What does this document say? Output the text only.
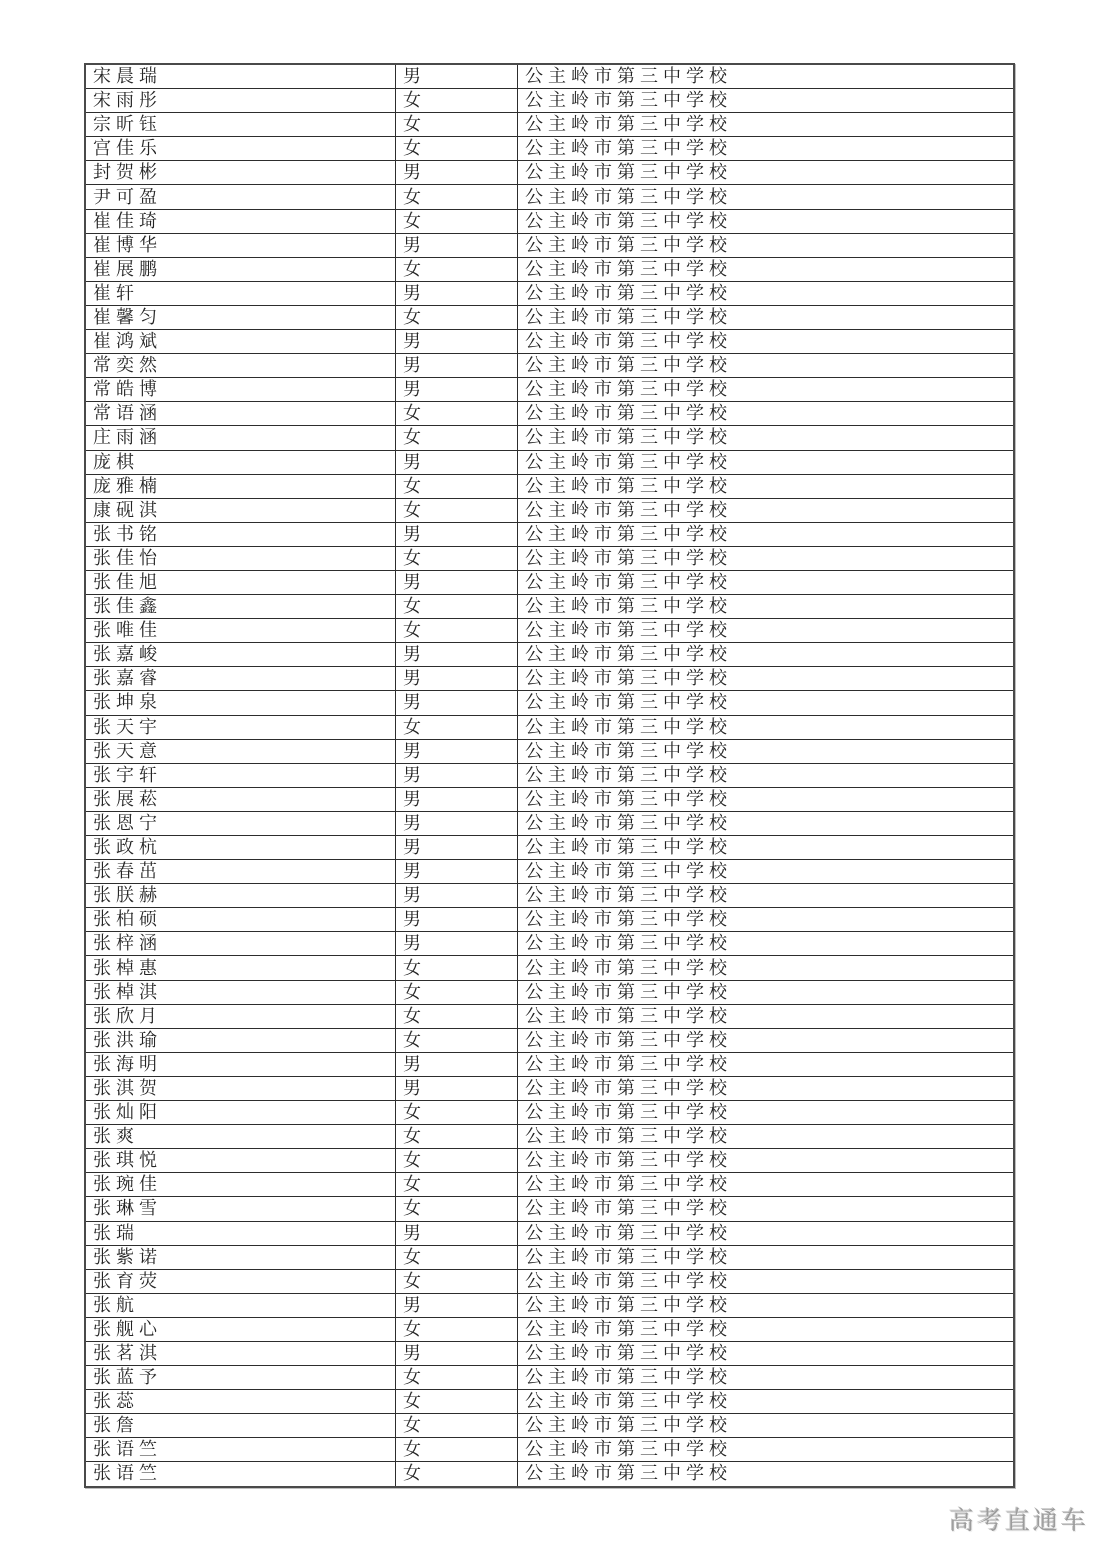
宋晨瑞	男	公主岭市第三中学校
宋雨彤	女	公主岭市第三中学校
宗昕钰	女	公主岭市第三中学校
宫佳乐	女	公主岭市第三中学校
封贺彬	男	公主岭市第三中学校
尹可盈	女	公主岭市第三中学校
崔佳琦	女	公主岭市第三中学校
崔博华	男	公主岭市第三中学校
崔展鹏	女	公主岭市第三中学校
崔轩	男	公主岭市第三中学校
崔馨匀	女	公主岭市第三中学校
崔鸿斌	男	公主岭市第三中学校
常奕然	男	公主岭市第三中学校
常皓博	男	公主岭市第三中学校
常语涵	女	公主岭市第三中学校
庄雨涵	女	公主岭市第三中学校
庞棋	男	公主岭市第三中学校
庞雅楠	女	公主岭市第三中学校
康砚淇	女	公主岭市第三中学校
张书铭	男	公主岭市第三中学校
张佳怡	女	公主岭市第三中学校
张佳旭	男	公主岭市第三中学校
张佳鑫	女	公主岭市第三中学校
张唯佳	女	公主岭市第三中学校
张嘉峻	男	公主岭市第三中学校
张嘉睿	男	公主岭市第三中学校
张坤泉	男	公主岭市第三中学校
张天宇	女	公主岭市第三中学校
张天意	男	公主岭市第三中学校
张宇轩	男	公主岭市第三中学校
张展菘	男	公主岭市第三中学校
张恩宁	男	公主岭市第三中学校
张政杭	男	公主岭市第三中学校
张春茁	男	公主岭市第三中学校
张朕赫	男	公主岭市第三中学校
张柏硕	男	公主岭市第三中学校
张梓涵	男	公主岭市第三中学校
张棹惠	女	公主岭市第三中学校
张棹淇	女	公主岭市第三中学校
张欣月	女	公主岭市第三中学校
张洪瑜	女	公主岭市第三中学校
张海明	男	公主岭市第三中学校
张淇贺	男	公主岭市第三中学校
张灿阳	女	公主岭市第三中学校
张爽	女	公主岭市第三中学校
张琪悦	女	公主岭市第三中学校
张琬佳	女	公主岭市第三中学校
张琳雪	女	公主岭市第三中学校
张瑞	男	公主岭市第三中学校
张紫诺	女	公主岭市第三中学校
张育荧	女	公主岭市第三中学校
张航	男	公主岭市第三中学校
张舰心	女	公主岭市第三中学校
张茗淇	男	公主岭市第三中学校
张蓝予	女	公主岭市第三中学校
张蕊	女	公主岭市第三中学校
张詹	女	公主岭市第三中学校
张语竺	女	公主岭市第三中学校
张语竺	女	公主岭市第三中学校
高考直通车
